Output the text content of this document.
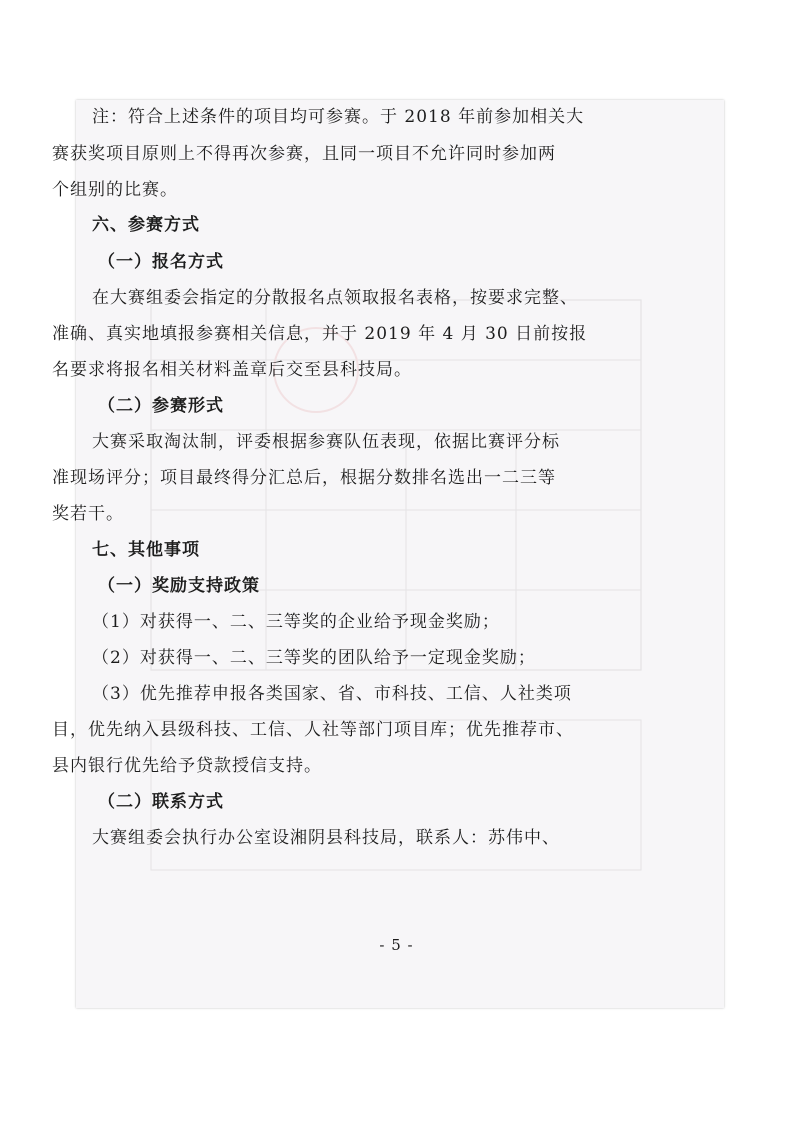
注：符合上述条件的项目均可参赛。于 2018 年前参加相关大
赛获奖项目原则上不得再次参赛，且同一项目不允许同时参加两
个组别的比赛。
六、参赛方式
（一）报名方式
在大赛组委会指定的分散报名点领取报名表格，按要求完整、
准确、真实地填报参赛相关信息，并于 2019 年 4 月 30 日前按报
名要求将报名相关材料盖章后交至县科技局。
（二）参赛形式
大赛采取淘汰制，评委根据参赛队伍表现，依据比赛评分标
准现场评分；项目最终得分汇总后，根据分数排名选出一二三等
奖若干。
七、其他事项
（一）奖励支持政策
（1）对获得一、二、三等奖的企业给予现金奖励；
（2）对获得一、二、三等奖的团队给予一定现金奖励；
（3）优先推荐申报各类国家、省、市科技、工信、人社类项
目，优先纳入县级科技、工信、人社等部门项目库；优先推荐市、
县内银行优先给予贷款授信支持。
（二）联系方式
大赛组委会执行办公室设湘阴县科技局，联系人：苏伟中、
- 5 -
